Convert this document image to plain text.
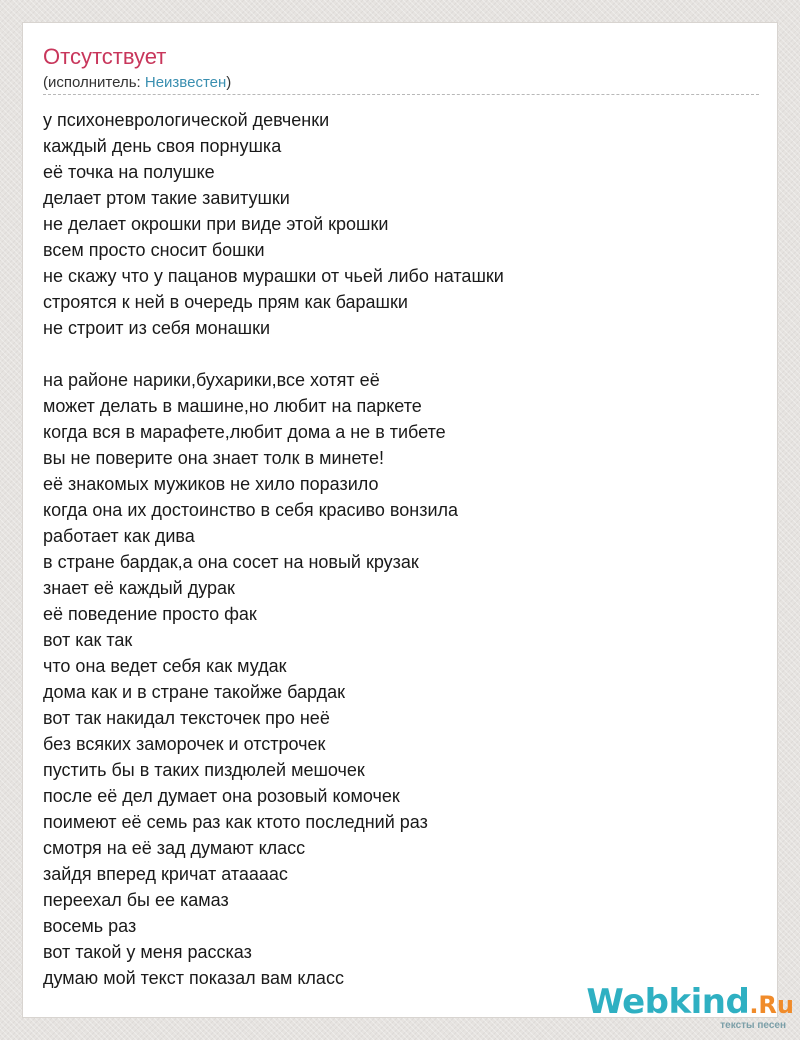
Отсутствует
(исполнитель: Неизвестен)
у психоневрологической девченки
каждый день своя порнушка
её точка на полушке
делает ртом такие завитушки
не делает окрошки при виде этой крошки
всем просто сносит бошки
не скажу что у пацанов мурашки от чьей либо наташки
строятся к ней в очередь прям как барашки
не строит из себя монашки
на районе нарики,бухарики,все хотят её
может делать в машине,но любит на паркете
когда вся в марафете,любит дома а не в тибете
вы не поверите она знает толк в минете!
её знакомых мужиков не хило поразило
когда она их достоинство в себя красиво вонзила
работает как дива
в стране бардак,а она сосет на новый крузак
знает её каждый дурак
её поведение просто фак
вот как так
что она ведет себя как мудак
дома как и в стране такойже бардак
вот так накидал тексточек про неё
без всяких заморочек и отстрочек
пустить бы в таких пиздюлей мешочек
после её дел думает она розовый комочек
поимеют её семь раз как ктото последний раз
смотря на её зад думают класс
зайдя вперед кричат атаааас
переехал бы ее камаз
восемь раз
вот такой у меня рассказ
думаю мой текст показал вам класс
Webkind.Ru
тексты песен
